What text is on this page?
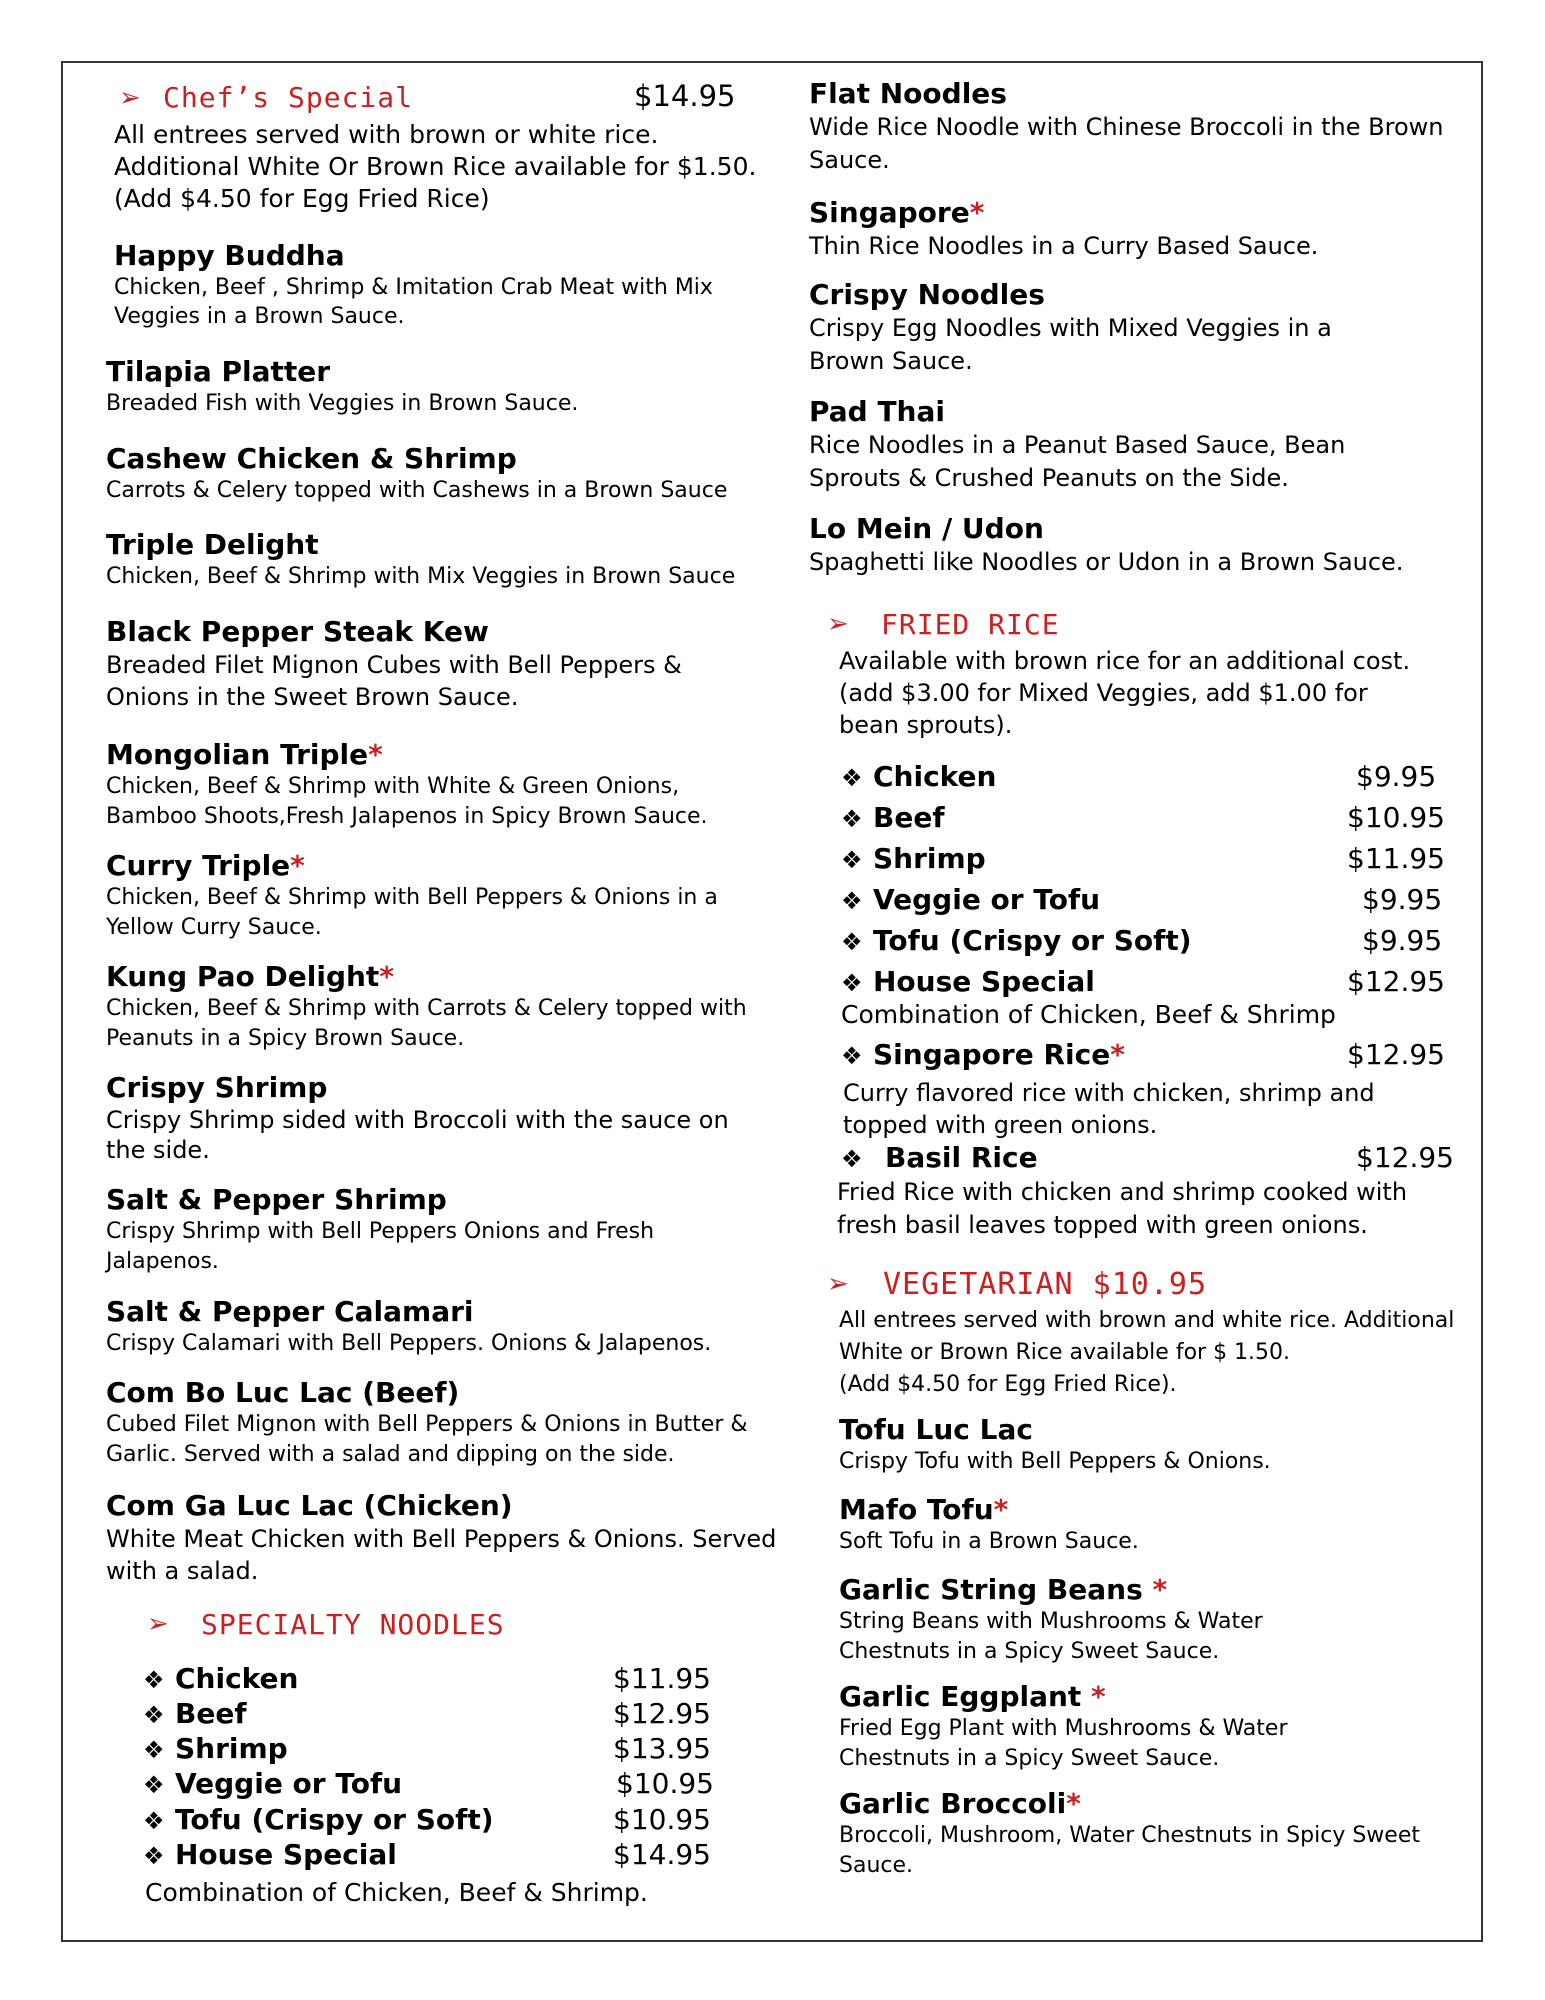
➢ Chef’s Special	$14.95
All entrees served with brown or white rice.
Additional White Or Brown Rice available for $1.50.
(Add $4.50 for Egg Fried Rice)
Happy Buddha
Chicken, Beef , Shrimp & Imitation Crab Meat with Mix Veggies in a Brown Sauce.
Tilapia Platter
Breaded Fish with Veggies in Brown Sauce.
Cashew Chicken & Shrimp
Carrots & Celery topped with Cashews in a Brown Sauce
Triple Delight
Chicken, Beef & Shrimp with Mix Veggies in Brown Sauce
Black Pepper Steak Kew
Breaded Filet Mignon Cubes with Bell Peppers & Onions in the Sweet Brown Sauce.
Mongolian Triple*
Chicken, Beef & Shrimp with White & Green Onions, Bamboo Shoots,Fresh Jalapenos in Spicy Brown Sauce.
Curry Triple*
Chicken, Beef & Shrimp with Bell Peppers & Onions in a Yellow Curry Sauce.
Kung Pao Delight*
Chicken, Beef & Shrimp with Carrots & Celery topped with Peanuts in a Spicy Brown Sauce.
Crispy Shrimp
Crispy Shrimp sided with Broccoli with the sauce on the side.
Salt & Pepper Shrimp
Crispy Shrimp with Bell Peppers Onions and Fresh Jalapenos.
Salt & Pepper Calamari
Crispy Calamari with Bell Peppers. Onions & Jalapenos.
Com Bo Luc Lac (Beef)
Cubed Filet Mignon with Bell Peppers & Onions in Butter & Garlic. Served with a salad and dipping on the side.
Com Ga Luc Lac (Chicken)
White Meat Chicken with Bell Peppers & Onions. Served with a salad.
➢ SPECIALTY NOODLES
❖ Chicken	$11.95
❖ Beef	$12.95
❖ Shrimp	$13.95
❖ Veggie or Tofu	$10.95
❖ Tofu (Crispy or Soft)	$10.95
❖ House Special	$14.95
Combination of Chicken, Beef & Shrimp.
Flat Noodles
Wide Rice Noodle with Chinese Broccoli in the Brown Sauce.
Singapore*
Thin Rice Noodles in a Curry Based Sauce.
Crispy Noodles
Crispy Egg Noodles with Mixed Veggies in a Brown Sauce.
Pad Thai
Rice Noodles in a Peanut Based Sauce, Bean Sprouts & Crushed Peanuts on the Side.
Lo Mein / Udon
Spaghetti like Noodles or Udon in a Brown Sauce.
➢ FRIED RICE
Available with brown rice for an additional cost.
(add $3.00 for Mixed Veggies, add $1.00 for
bean sprouts).
❖ Chicken	$9.95
❖ Beef	$10.95
❖ Shrimp	$11.95
❖ Veggie or Tofu	$9.95
❖ Tofu (Crispy or Soft)	$9.95
❖ House Special	$12.95
Combination of Chicken, Beef & Shrimp
❖ Singapore Rice *	$12.95
Curry flavored rice with chicken, shrimp and topped with green onions.
❖ Basil Rice	$12.95
Fried Rice with chicken and shrimp cooked with fresh basil leaves topped with green onions.
➢ VEGETARIAN $10.95
All entrees served with brown and white rice. Additional
White or Brown Rice available for $ 1.50.
(Add $4.50 for Egg Fried Rice).
Tofu Luc Lac
Crispy Tofu with Bell Peppers & Onions.
Mafo Tofu*
Soft Tofu in a Brown Sauce.
Garlic String Beans *
String Beans with Mushrooms & Water Chestnuts in a Spicy Sweet Sauce.
Garlic Eggplant *
Fried Egg Plant with Mushrooms & Water Chestnuts in a Spicy Sweet Sauce.
Garlic Broccoli*
Broccoli, Mushroom, Water Chestnuts in Spicy Sweet Sauce.
